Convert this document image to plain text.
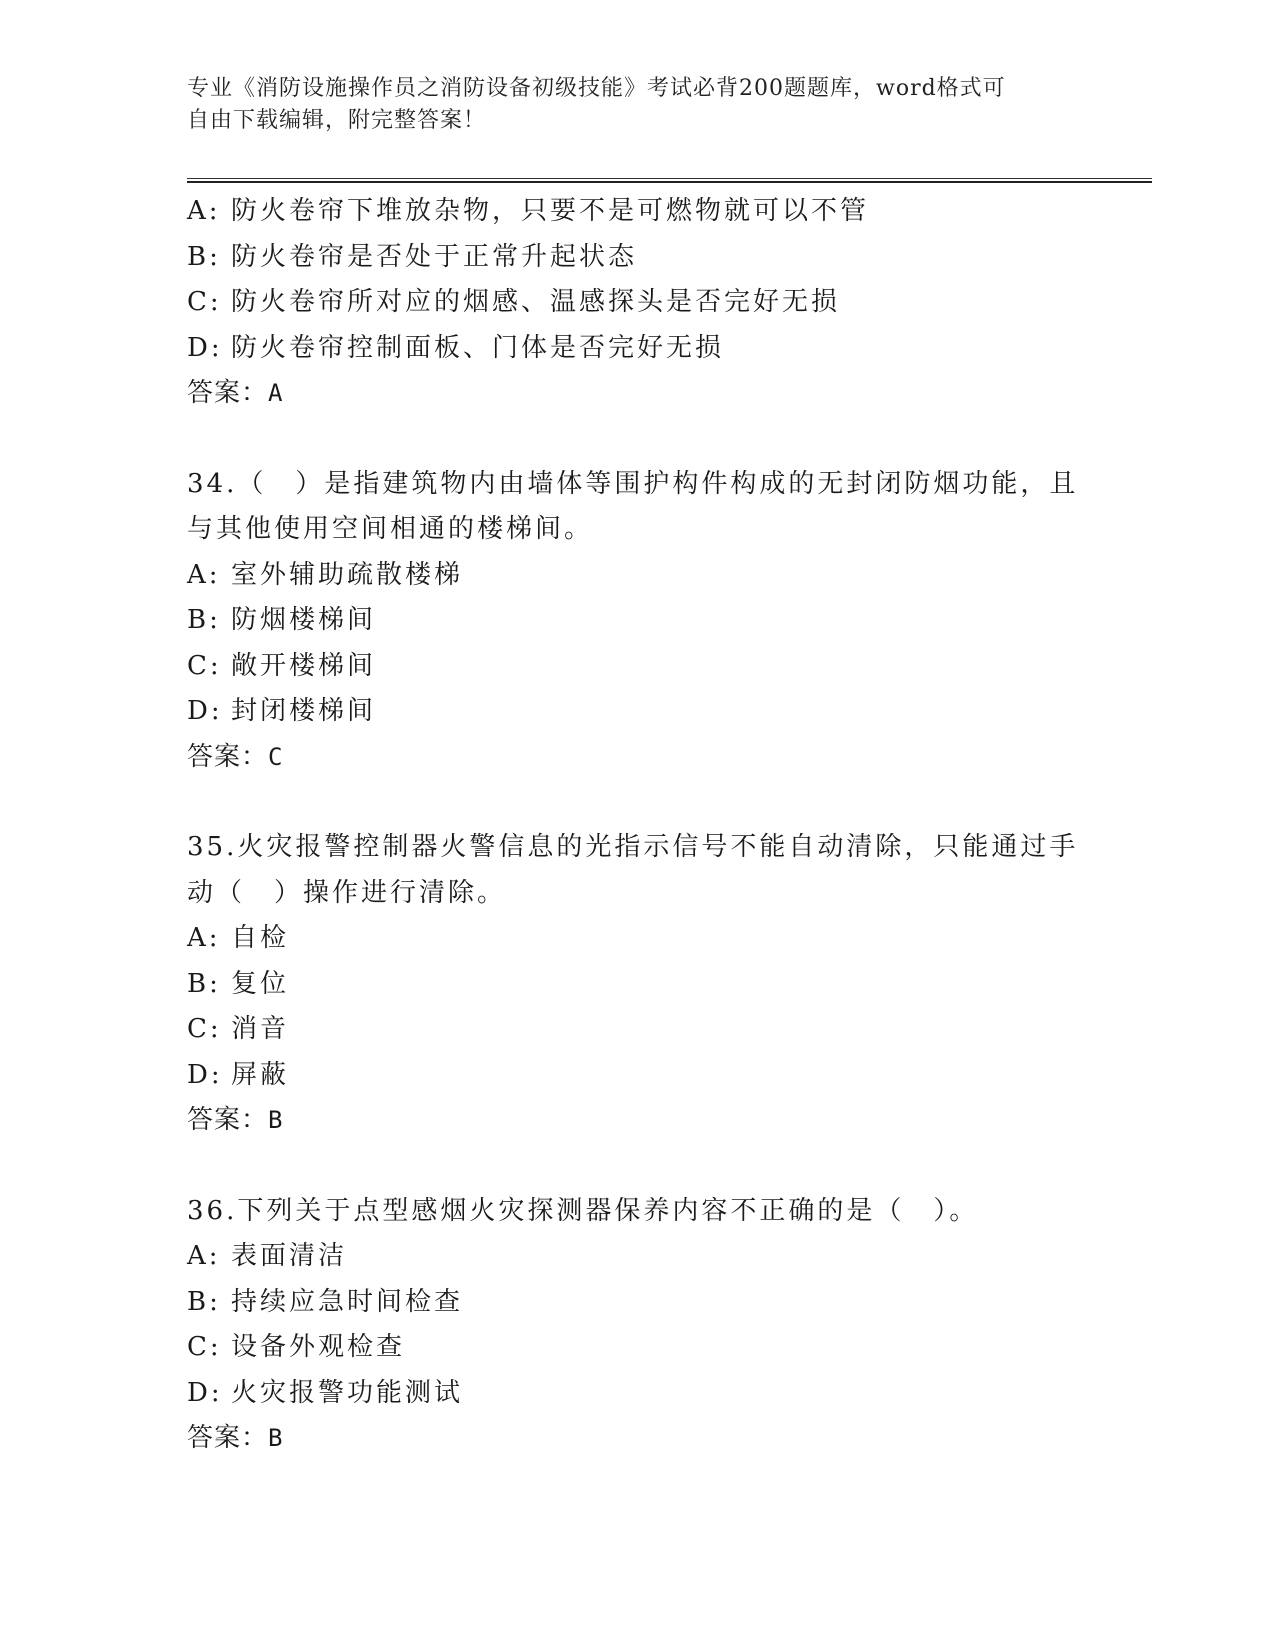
专业《消防设施操作员之消防设备初级技能》考试必背200题题库，word格式可
自由下载编辑，附完整答案！
A: 防火卷帘下堆放杂物，只要不是可燃物就可以不管
B: 防火卷帘是否处于正常升起状态
C: 防火卷帘所对应的烟感、温感探头是否完好无损
D: 防火卷帘控制面板、门体是否完好无损
答案：A
34.（　）是指建筑物内由墙体等围护构件构成的无封闭防烟功能，且
与其他使用空间相通的楼梯间。
A: 室外辅助疏散楼梯
B: 防烟楼梯间
C: 敞开楼梯间
D: 封闭楼梯间
答案：C
35.火灾报警控制器火警信息的光指示信号不能自动清除，只能通过手
动（　）操作进行清除。
A: 自检
B: 复位
C: 消音
D: 屏蔽
答案：B
36.下列关于点型感烟火灾探测器保养内容不正确的是（　）。
A: 表面清洁
B: 持续应急时间检查
C: 设备外观检查
D: 火灾报警功能测试
答案：B
